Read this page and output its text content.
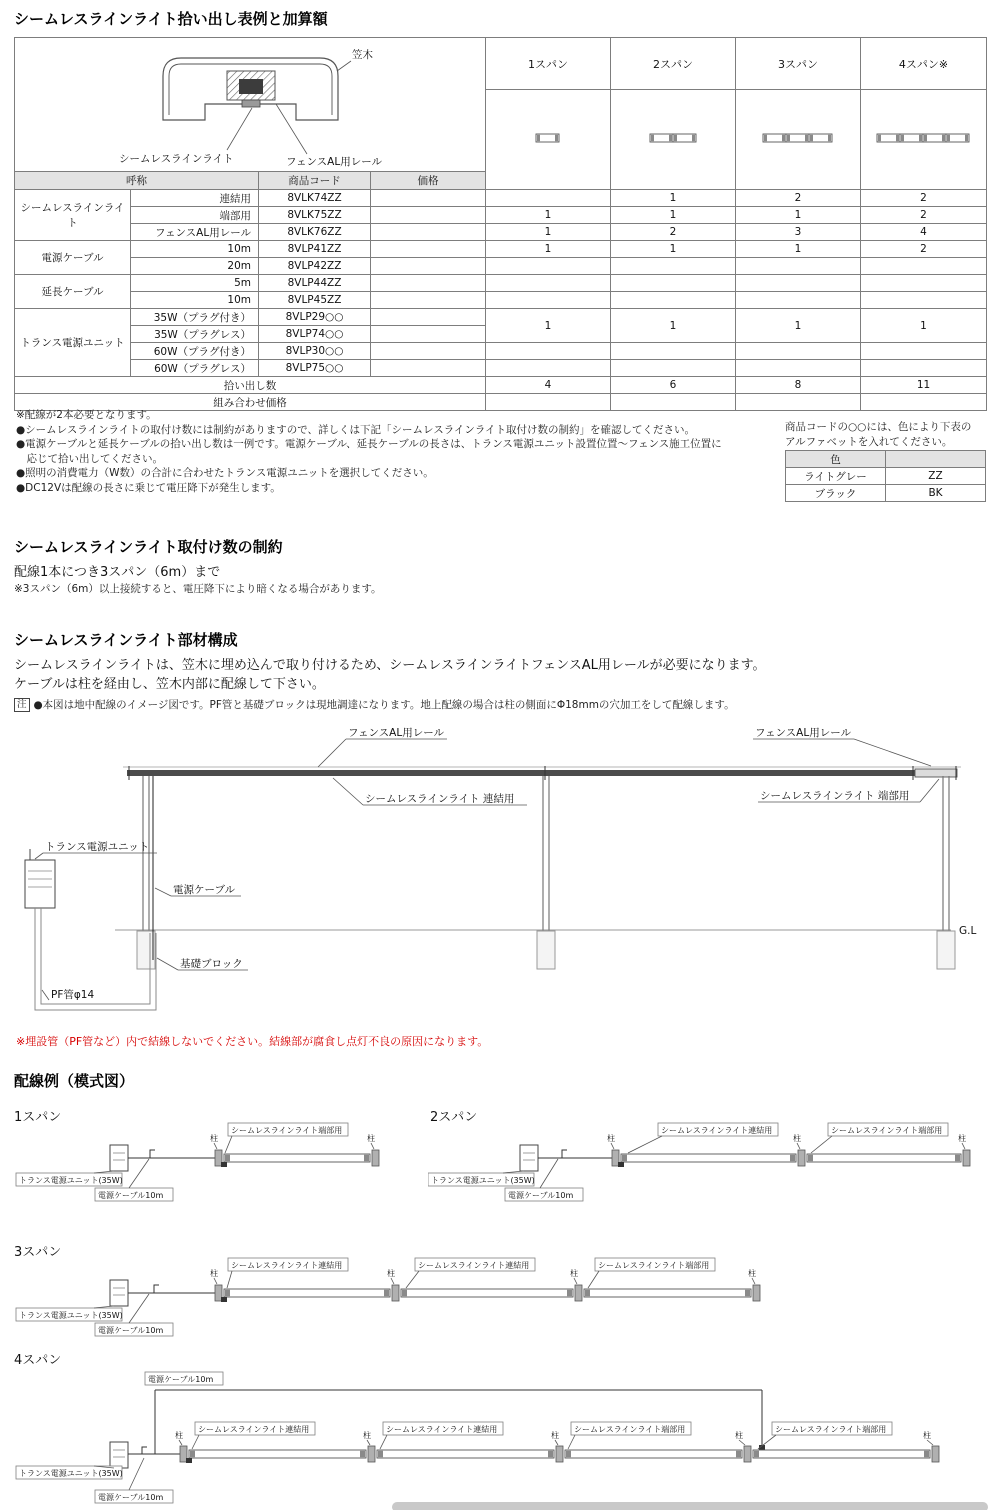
シームレスラインライト拾い出し表例と加算額
笠木
シームレスラインライト フェンスAL用レール				1スパン	2スパン	3スパン	4スパン※

呼称		商品コード	価格				
シームレスラインライト	連結用	8VLK74ZZ			1	2	2
	端部用	8VLK75ZZ		1	1	1	2
	フェンスAL用レール	8VLK76ZZ		1	2	3	4
電源ケーブル	10m	8VLP41ZZ		1	1	1	2
	20m	8VLP42ZZ					
延長ケーブル	5m	8VLP44ZZ					
	10m	8VLP45ZZ					
トランス電源ユニット	35W（プラグ付き）	8VLP29○○		1	1	1	1
	35W（プラグレス）	8VLP74○○					
	60W（プラグ付き）	8VLP30○○					
	60W（プラグレス）	8VLP75○○					
拾い出し数				4	6	8	11
組み合わせ価格							
※配線が2本必要となります。
●シームレスラインライトの取付け数には制約がありますので、詳しくは下記「シームレスラインライト取付け数の制約」を確認してください。
●電源ケーブルと延長ケーブルの拾い出し数は一例です。電源ケーブル、延長ケーブルの長さは、トランス電源ユニット設置位置～フェンス施工位置に
　応じて拾い出してください。
●照明の消費電力（W数）の合計に合わせたトランス電源ユニットを選択してください。
●DC12Vは配線の長さに乗じて電圧降下が発生します。
商品コードの○○には、色により下表の
アルファベットを入れてください。
色	
ライトグレー	ZZ
ブラック	BK
シームレスラインライト取付け数の制約
配線1本につき3スパン（6m）まで
※3スパン（6m）以上接続すると、電圧降下により暗くなる場合があります。
シームレスラインライト部材構成
シームレスラインライトは、笠木に埋め込んで取り付けるため、シームレスラインライトフェンスAL用レールが必要になります。
ケーブルは柱を経由し、笠木内部に配線して下さい。
注 ●本図は地中配線のイメージ図です。PF管と基礎ブロックは現地調達になります。地上配線の場合は柱の側面にΦ18mmの穴加工をして配線します。
フェンスAL用レール	フェンスAL用レール
シームレスラインライト 連結用	シームレスラインライト 端部用
トランス電源ユニット
電源ケーブル
基礎ブロック
PF管φ14
G.L
※埋設管（PF管など）内で結線しないでください。結線部が腐食し点灯不良の原因になります。
配線例（模式図）
1スパン
柱	柱
シームレスラインライト端部用
トランス電源ユニット(35W)
電源ケーブル10m
2スパン
柱	柱	柱
シームレスラインライト連結用	シームレスラインライト端部用
トランス電源ユニット(35W)
電源ケーブル10m
3スパン
柱	柱	柱	柱
シームレスラインライト連結用	シームレスラインライト連結用	シームレスラインライト端部用
トランス電源ユニット(35W)
電源ケーブル10m
4スパン
電源ケーブル10m
柱	柱	柱	柱	柱
シームレスラインライト連結用	シームレスラインライト連結用	シームレスラインライト端部用	シームレスラインライト端部用
トランス電源ユニット(35W)
電源ケーブル10m
